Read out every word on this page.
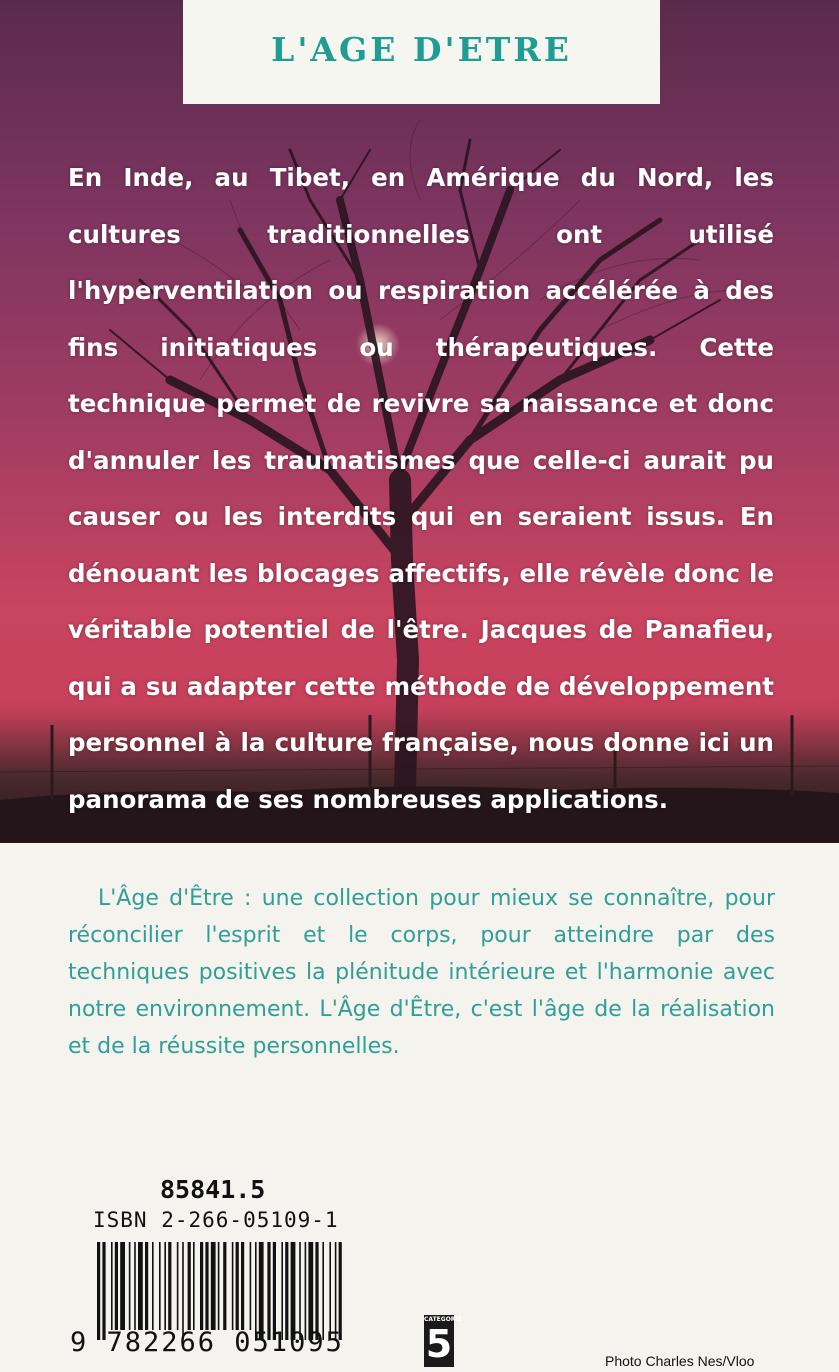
L'AGE D'ETRE

En Inde, au Tibet, en Amérique du Nord, les cultures traditionnelles ont utilisé l'hyperventilation ou respiration accélérée à des fins initiatiques ou thérapeutiques. Cette technique permet de revivre sa naissance et donc d'annuler les traumatismes que celle-ci aurait pu causer ou les interdits qui en seraient issus. En dénouant les blocages affectifs, elle révèle donc le véritable potentiel de l'être. Jacques de Panafieu, qui a su adapter cette méthode de développement personnel à la culture française, nous donne ici un panorama de ses nombreuses applications.

L'Âge d'Être : une collection pour mieux se connaître, pour réconcilier l'esprit et le corps, pour atteindre par des techniques positives la plénitude intérieure et l'harmonie avec notre environnement. L'Âge d'Être, c'est l'âge de la réalisation et de la réussite personnelles.

85841.5
ISBN 2-266-05109-1
9 782266 051095
CATEGORIE
5	Photo Charles Nes/Vloo
